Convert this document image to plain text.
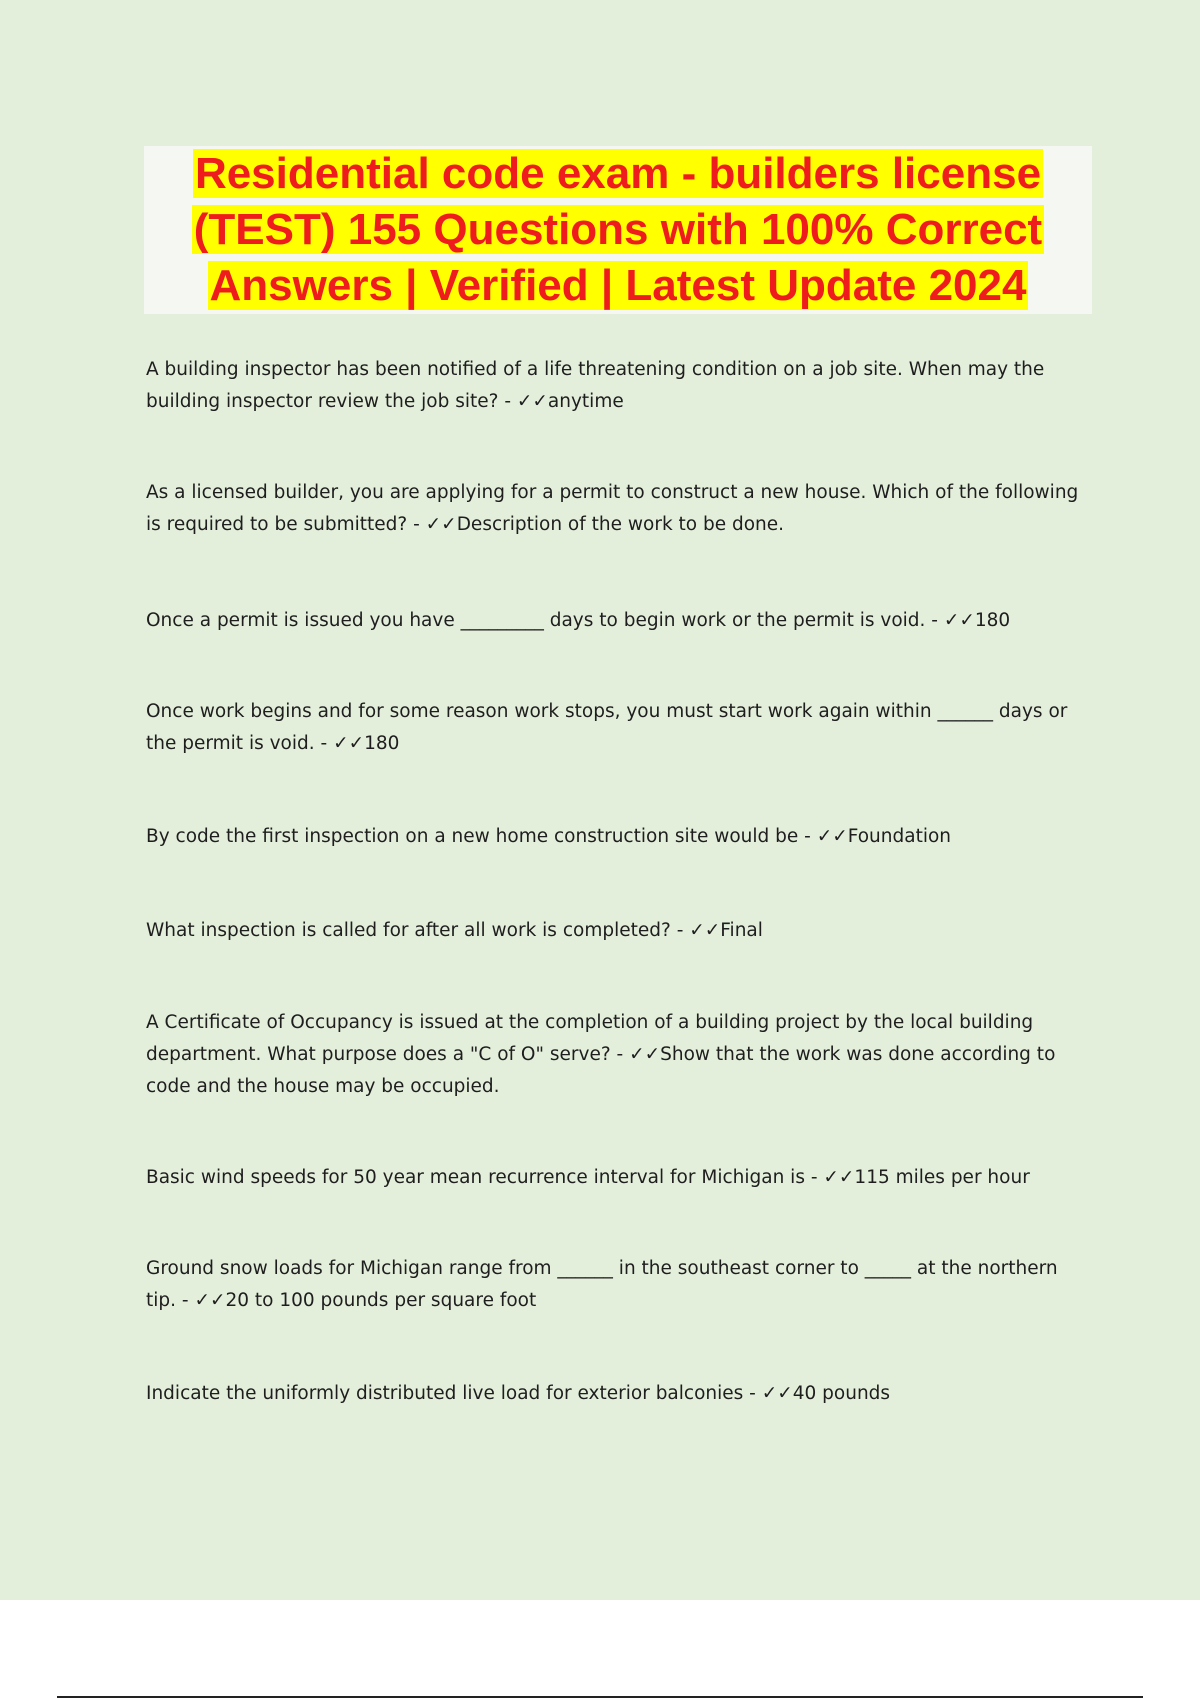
Residential code exam - builders license (TEST) 155 Questions with 100% Correct Answers | Verified | Latest Update 2024

A building inspector has been notified of a life threatening condition on a job site. When may the building inspector review the job site? - ✓✓anytime

As a licensed builder, you are applying for a permit to construct a new house. Which of the following is required to be submitted? - ✓✓Description of the work to be done.

Once a permit is issued you have _________ days to begin work or the permit is void. - ✓✓180

Once work begins and for some reason work stops, you must start work again within ______ days or the permit is void. - ✓✓180

By code the first inspection on a new home construction site would be - ✓✓Foundation

What inspection is called for after all work is completed? - ✓✓Final

A Certificate of Occupancy is issued at the completion of a building project by the local building department. What purpose does a "C of O" serve? - ✓✓Show that the work was done according to code and the house may be occupied.

Basic wind speeds for 50 year mean recurrence interval for Michigan is - ✓✓115 miles per hour

Ground snow loads for Michigan range from ______ in the southeast corner to _____ at the northern tip. - ✓✓20 to 100 pounds per square foot

Indicate the uniformly distributed live load for exterior balconies - ✓✓40 pounds
